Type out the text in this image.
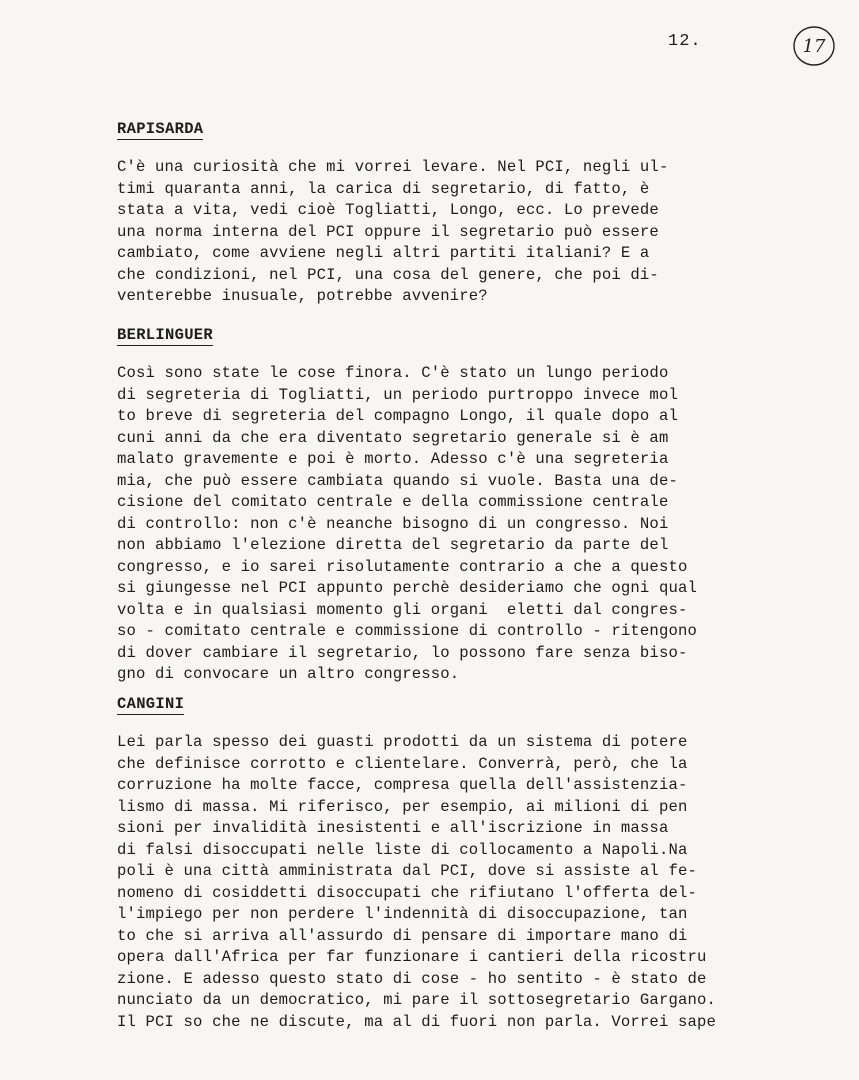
12.	17
RAPISARDA
C'è una curiosità che mi vorrei levare. Nel PCI, negli ul-
timi quaranta anni, la carica di segretario, di fatto, è
stata a vita, vedi cioè Togliatti, Longo, ecc. Lo prevede
una norma interna del PCI oppure il segretario può essere
cambiato, come avviene negli altri partiti italiani? E a
che condizioni, nel PCI, una cosa del genere, che poi di-
venterebbe inusuale, potrebbe avvenire?
BERLINGUER
Così sono state le cose finora. C'è stato un lungo periodo
di segreteria di Togliatti, un periodo purtroppo invece mol
to breve di segreteria del compagno Longo, il quale dopo al
cuni anni da che era diventato segretario generale si è am
malato gravemente e poi è morto. Adesso c'è una segreteria
mia, che può essere cambiata quando si vuole. Basta una de-
cisione del comitato centrale e della commissione centrale
di controllo: non c'è neanche bisogno di un congresso. Noi
non abbiamo l'elezione diretta del segretario da parte del
congresso, e io sarei risolutamente contrario a che a questo
si giungesse nel PCI appunto perchè desideriamo che ogni qual
volta e in qualsiasi momento gli organi  eletti dal congres-
so - comitato centrale e commissione di controllo - ritengono
di dover cambiare il segretario, lo possono fare senza biso-
gno di convocare un altro congresso.
CANGINI
Lei parla spesso dei guasti prodotti da un sistema di potere
che definisce corrotto e clientelare. Converrà, però, che la
corruzione ha molte facce, compresa quella dell'assistenzia-
lismo di massa. Mi riferisco, per esempio, ai milioni di pen
sioni per invalidità inesistenti e all'iscrizione in massa
di falsi disoccupati nelle liste di collocamento a Napoli.Na
poli è una città amministrata dal PCI, dove si assiste al fe-
nomeno di cosiddetti disoccupati che rifiutano l'offerta del-
l'impiego per non perdere l'indennità di disoccupazione, tan
to che si arriva all'assurdo di pensare di importare mano di
opera dall'Africa per far funzionare i cantieri della ricostru
zione. E adesso questo stato di cose - ho sentito - è stato de
nunciato da un democratico, mi pare il sottosegretario Gargano.
Il PCI so che ne discute, ma al di fuori non parla. Vorrei sape
